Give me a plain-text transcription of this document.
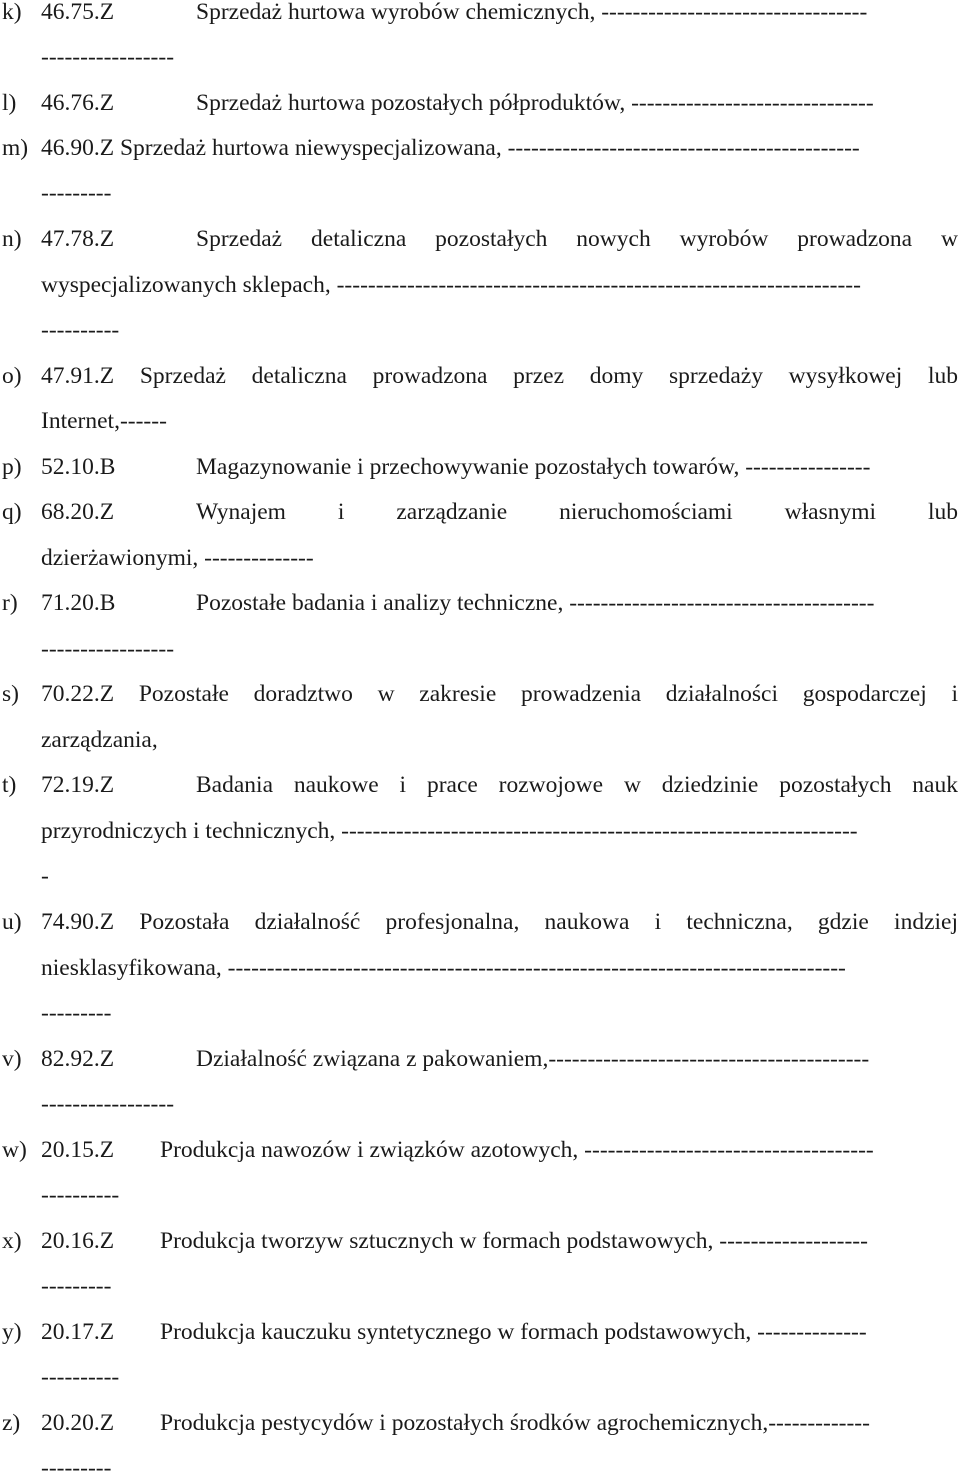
k) 46.75.Z	Sprzedaż hurtowa wyrobów chemicznych, ----------------------------------
-----------------
l) 46.76.Z	Sprzedaż hurtowa pozostałych półproduktów, -------------------------------
m) 46.90.Z Sprzedaż hurtowa niewyspecjalizowana, ---------------------------------------------
---------
n) 47.78.Z	Sprzedaż detaliczna pozostałych nowych wyrobów prowadzona w
wyspecjalizowanych sklepach, -------------------------------------------------------------------
----------
o) 47.91.Z Sprzedaż detaliczna prowadzona przez domy sprzedaży wysyłkowej lub
Internet,------
p) 52.10.B	Magazynowanie i przechowywanie pozostałych towarów, ----------------
q) 68.20.Z	Wynajem i zarządzanie nieruchomościami własnymi lub
dzierżawionymi, --------------
r) 71.20.B	Pozostałe badania i analizy techniczne, ---------------------------------------
-----------------
s) 70.22.Z Pozostałe doradztwo w zakresie prowadzenia działalności gospodarczej i
zarządzania,
t) 72.19.Z	Badania naukowe i prace rozwojowe w dziedzinie pozostałych nauk
przyrodniczych i technicznych, ------------------------------------------------------------------
-
u) 74.90.Z Pozostała działalność profesjonalna, naukowa i techniczna, gdzie indziej
niesklasyfikowana, -------------------------------------------------------------------------------
---------
v) 82.92.Z	Działalność związana z pakowaniem,-----------------------------------------
-----------------
w) 20.15.Z Produkcja nawozów i związków azotowych, -------------------------------------
----------
x) 20.16.Z Produkcja tworzyw sztucznych w formach podstawowych, -------------------
---------
y) 20.17.Z Produkcja kauczuku syntetycznego w formach podstawowych, --------------
----------
z) 20.20.Z Produkcja pestycydów i pozostałych środków agrochemicznych,-------------
---------
